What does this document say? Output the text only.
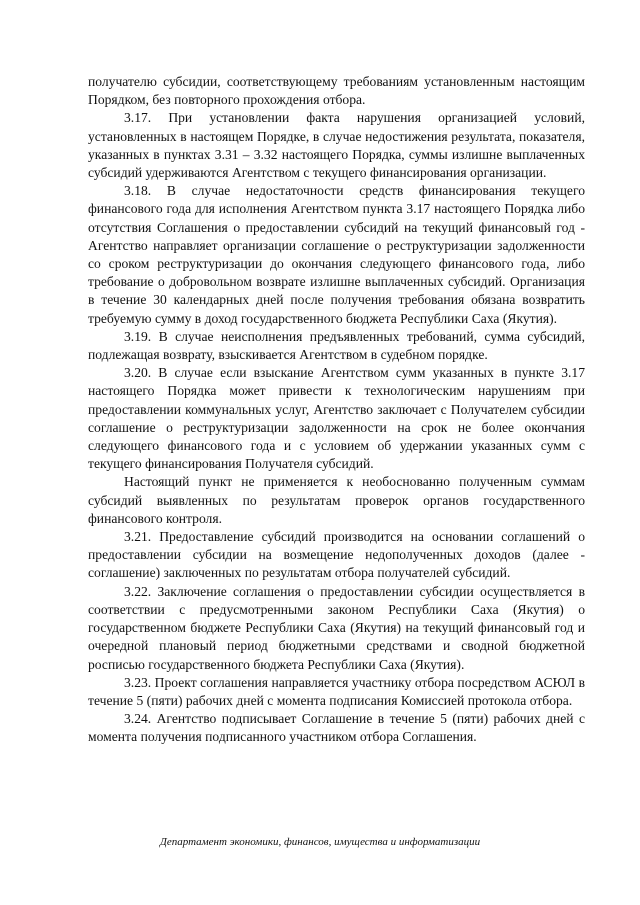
получателю субсидии, соответствующему требованиям установленным настоящим Порядком, без повторного прохождения отбора.

3.17. При установлении факта нарушения организацией условий, установленных в настоящем Порядке, в случае недостижения результата, показателя, указанных в пунктах 3.31 – 3.32 настоящего Порядка, суммы излишне выплаченных субсидий удерживаются Агентством с текущего финансирования организации.

3.18. В случае недостаточности средств финансирования текущего финансового года для исполнения Агентством пункта 3.17 настоящего Порядка либо отсутствия Соглашения о предоставлении субсидий на текущий финансовый год - Агентство направляет организации соглашение о реструктуризации задолженности со сроком реструктуризации до окончания следующего финансового года, либо требование о добровольном возврате излишне выплаченных субсидий. Организация в течение 30 календарных дней после получения требования обязана возвратить требуемую сумму в доход государственного бюджета Республики Саха (Якутия).

3.19. В случае неисполнения предъявленных требований, сумма субсидий, подлежащая возврату, взыскивается Агентством в судебном порядке.

3.20. В случае если взыскание Агентством сумм указанных в пункте 3.17 настоящего Порядка может привести к технологическим нарушениям при предоставлении коммунальных услуг, Агентство заключает с Получателем субсидии соглашение о реструктуризации задолженности на срок не более окончания следующего финансового года и с условием об удержании указанных сумм с текущего финансирования Получателя субсидий.

Настоящий пункт не применяется к необоснованно полученным суммам субсидий выявленных по результатам проверок органов государственного финансового контроля.

3.21. Предоставление субсидий производится на основании соглашений о предоставлении субсидии на возмещение недополученных доходов (далее - соглашение) заключенных по результатам отбора получателей субсидий.

3.22. Заключение соглашения о предоставлении субсидии осуществляется в соответствии с предусмотренными законом Республики Саха (Якутия) о государственном бюджете Республики Саха (Якутия) на текущий финансовый год и очередной плановый период бюджетными средствами и сводной бюджетной росписью государственного бюджета Республики Саха (Якутия).

3.23. Проект соглашения направляется участнику отбора посредством АСЮЛ в течение 5 (пяти) рабочих дней с момента подписания Комиссией протокола отбора.

3.24. Агентство подписывает Соглашение в течение 5 (пяти) рабочих дней с момента получения подписанного участником отбора Соглашения.

Департамент экономики, финансов, имущества и информатизации
